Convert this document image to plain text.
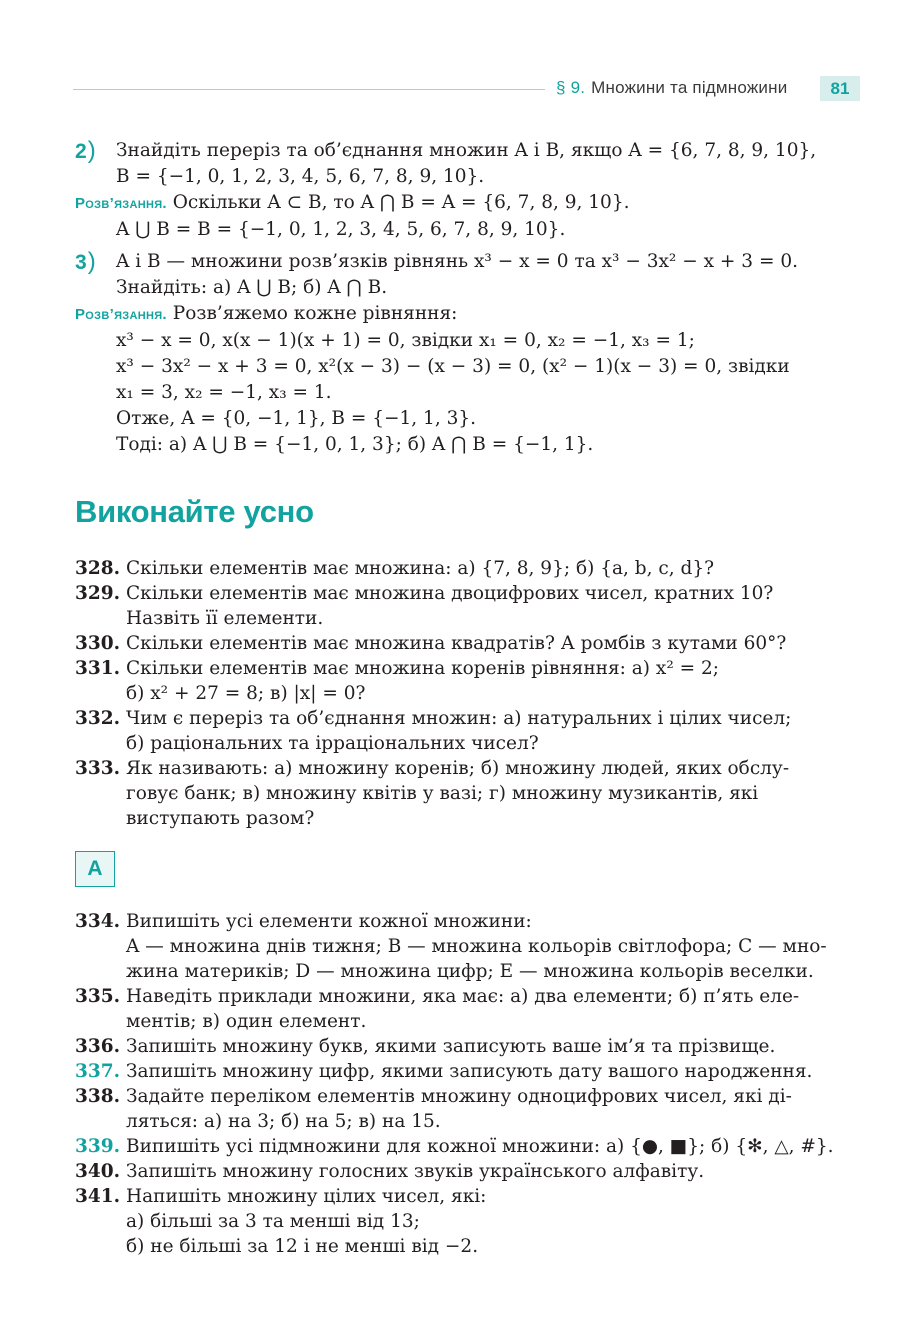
§ 9. Множини та підмножини	81
2 )	Знайдіть переріз та об’єднання множин A і B, якщо A = {6, 7, 8, 9, 10},
B = {−1, 0, 1, 2, 3, 4, 5, 6, 7, 8, 9, 10}.
Розв’язання. Оскільки A ⊂ B, то A ⋂ B = A = {6, 7, 8, 9, 10}.
A ⋃ B = B = {−1, 0, 1, 2, 3, 4, 5, 6, 7, 8, 9, 10}.
3 )	A і B — множини розв’язків рівнянь x³ − x = 0 та x³ − 3x² − x + 3 = 0.
Знайдіть: а) A ⋃ B; б) A ⋂ B.
Розв’язання. Розв’яжемо кожне рівняння:
x³ − x = 0, x(x − 1)(x + 1) = 0, звідки x₁ = 0, x₂ = −1, x₃ = 1;
x³ − 3x² − x + 3 = 0, x²(x − 3) − (x − 3) = 0, (x² − 1)(x − 3) = 0, звідки
x₁ = 3, x₂ = −1, x₃ = 1.
Отже, A = {0, −1, 1}, B = {−1, 1, 3}.
Тоді: а) A ⋃ B = {−1, 0, 1, 3}; б) A ⋂ B = {−1, 1}.
Виконайте усно
328. Скільки елементів має множина: а) {7, 8, 9}; б) {a, b, c, d}?
329. Скільки елементів має множина двоцифрових чисел, кратних 10?
Назвіть її елементи.
330. Скільки елементів має множина квадратів? А ромбів з кутами 60°?
331. Скільки елементів має множина коренів рівняння: а) x² = 2;
б) x² + 27 = 8; в) |x| = 0?
332. Чим є переріз та об’єднання множин: а) натуральних і цілих чисел;
б) раціональних та ірраціональних чисел?
333. Як називають: а) множину коренів; б) множину людей, яких обслу-
говує банк; в) множину квітів у вазі; г) множину музикантів, які
виступають разом?
А
334. Випишіть усі елементи кожної множини:
A — множина днів тижня; B — множина кольорів світлофора; C — мно-
жина материків; D — множина цифр; E — множина кольорів веселки.
335. Наведіть приклади множини, яка має: а) два елементи; б) п’ять еле-
ментів; в) один елемент.
336. Запишіть множину букв, якими записують ваше ім’я та прізвище.
337. Запишіть множину цифр, якими записують дату вашого народження.
338. Задайте переліком елементів множину одноцифрових чисел, які ді-
ляться: а) на 3; б) на 5; в) на 15.
339. Випишіть усі підмножини для кожної множини: а) {●, ■}; б) {✻, △, #}.
340. Запишіть множину голосних звуків українського алфавіту.
341. Напишіть множину цілих чисел, які:
а) більші за 3 та менші від 13;
б) не більші за 12 і не менші від −2.
